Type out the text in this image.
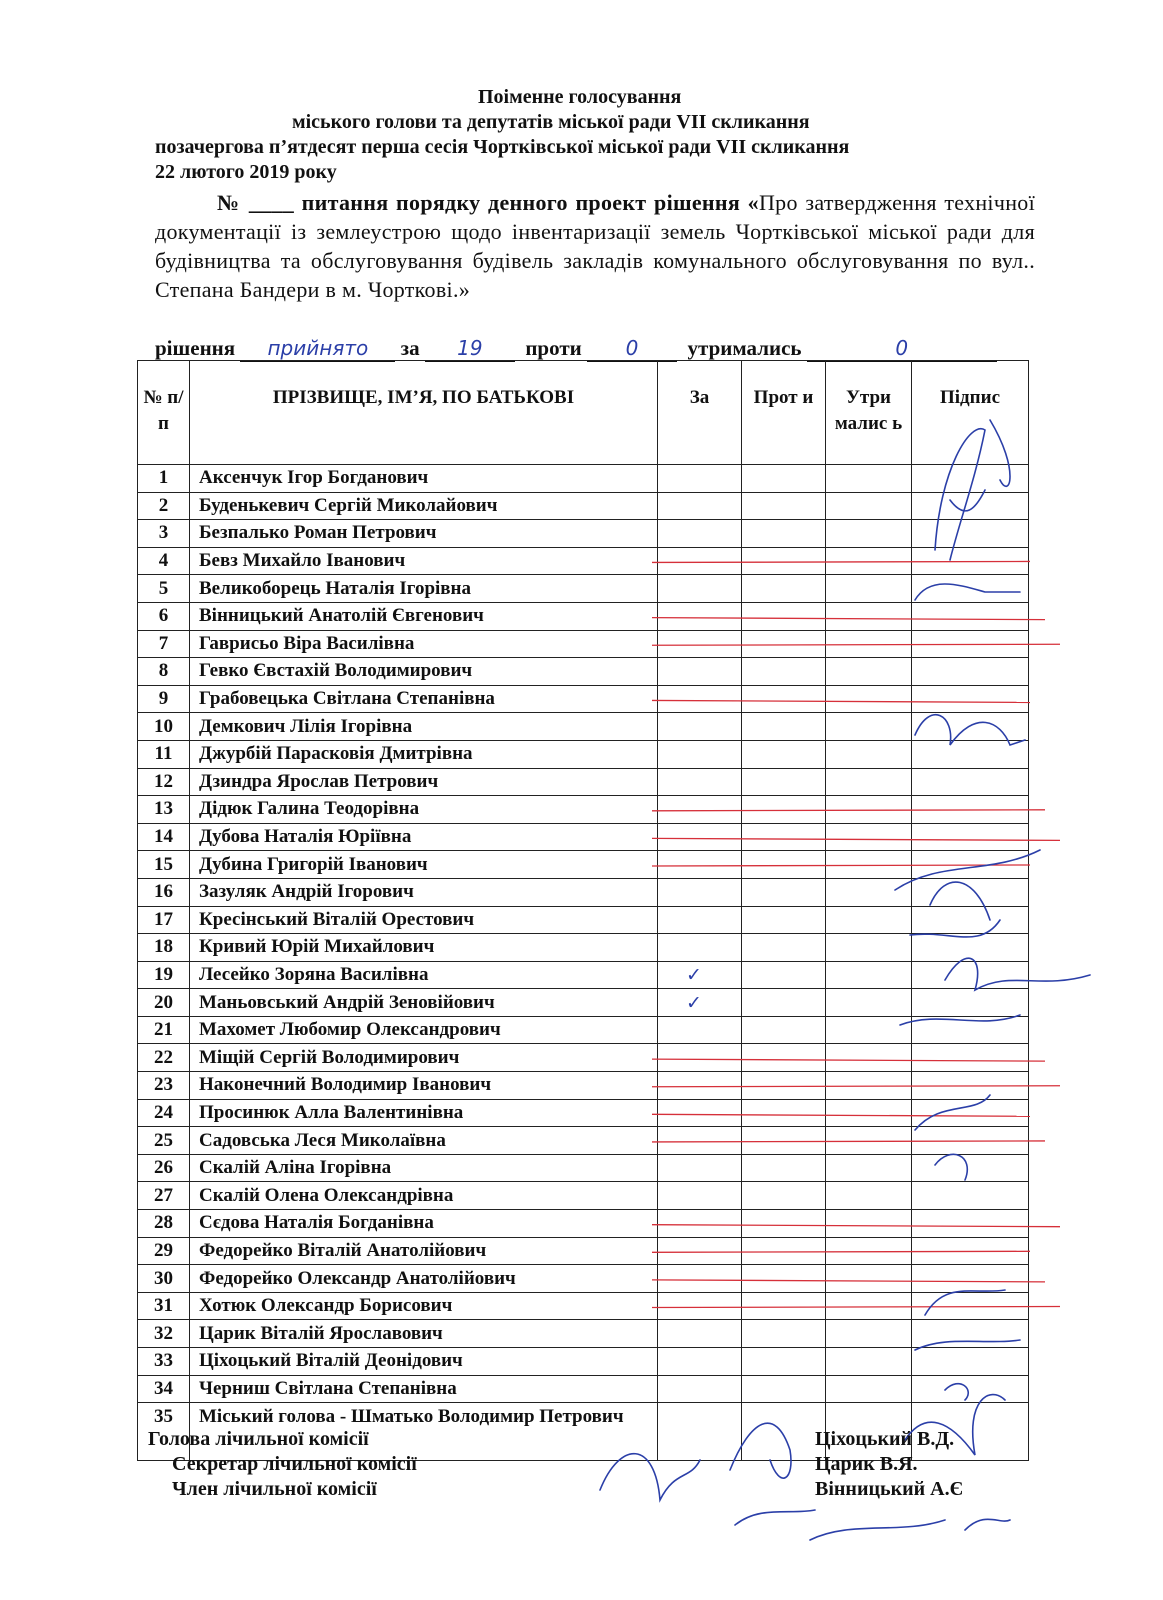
Поіменне голосування
міського голови та депутатів міської ради VII скликання
позачергова п’ятдесят перша сесія Чортківської міської ради VII скликання
22 лютого 2019 року
№ ____ питання порядку денного проект рішення «Про затвердження технічної документації із землеустрою щодо інвентаризації земель Чортківської міської ради для будівництва та обслуговування будівель закладів комунального обслуговування по вул.. Степана Бандери в м. Чорткові.»
рішення прийнято за 19 проти 0 утримались	0
№ п/п	ПРІЗВИЩЕ, ІМ’Я, ПО БАТЬКОВІ	За	Прот и	Утри малис ь	Підпис
1	Аксенчук Ігор Богданович				
2	Буденькевич Сергій Миколайович				
3	Безпалько Роман Петрович				
4	Бевз Михайло Іванович				
5	Великоборець Наталія Ігорівна				
6	Вінницький Анатолій Євгенович				
7	Гаврисьо Віра Василівна				
8	Гевко Євстахій Володимирович				
9	Грабовецька Світлана Степанівна				
10	Демкович Лілія Ігорівна				
11	Джурбій Парасковія Дмитрівна				
12	Дзиндра Ярослав Петрович				
13	Дідюк Галина Теодорівна				
14	Дубова Наталія Юріївна				
15	Дубина Григорій Іванович				
16	Зазуляк Андрій Ігорович				
17	Кресінський Віталій Орестович				
18	Кривий Юрій Михайлович				
19	Лесейко Зоряна Василівна	✓			
20	Маньовський Андрій Зеновійович	✓			
21	Махомет Любомир Олександрович				
22	Міщій Сергій Володимирович				
23	Наконечний Володимир Іванович				
24	Просинюк Алла Валентинівна				
25	Садовська Леся Миколаївна				
26	Скалій Аліна Ігорівна				
27	Скалій Олена Олександрівна				
28	Сєдова Наталія Богданівна				
29	Федорейко Віталій Анатолійович				
30	Федорейко Олександр Анатолійович				
31	Хотюк Олександр Борисович				
32	Царик Віталій Ярославович				
33	Ціхоцький Віталій Деонідович				
34	Черниш Світлана Степанівна				
35	Міський голова - Шматько Володимир Петрович				
Голова лічильної комісії
Секретар лічильної комісії
Член лічильної комісії
Ціхоцький В.Д.
Царик В.Я.
Вінницький А.Є
